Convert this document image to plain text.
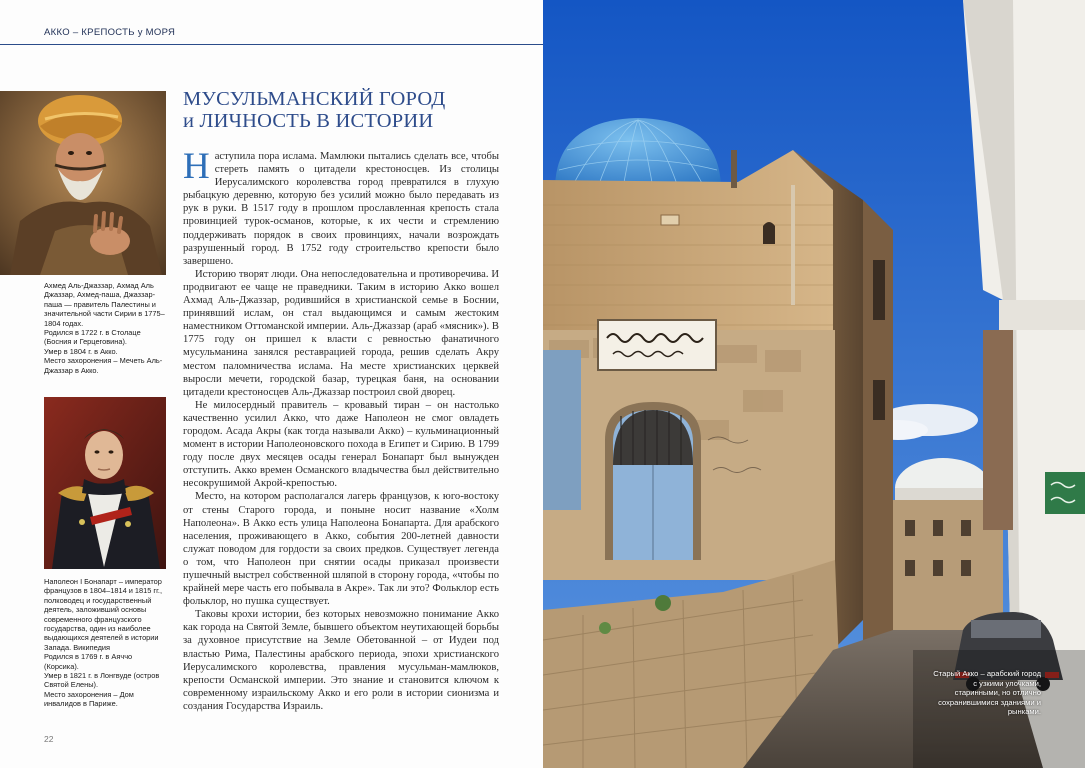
АККО – КРЕПОСТЬ у МОРЯ
Ахмед Аль-Джаззар, Ахмад Аль Джаззар, Ахмед-паша, Джаззар-паша — правитель Палестины и значительной части Сирии в 1775–1804 годах.
Родился в 1722 г. в Столаце (Босния и Герцеговина).
Умер в 1804 г. в Акко.
Место захоронения – Мечеть Аль-Джаззар в Акко.
Наполеон I Бонапарт – император французов в 1804–1814 и 1815 гг., полководец и государственный деятель, заложивший основы современного французского государства, один из наиболее выдающихся деятелей в истории Запада. Википедия
Родился в 1769 г. в Аяччо (Корсика).
Умер в 1821 г. в Лонгвуде (остров Святой Елены).
Место захоронения – Дом инвалидов в Париже.
МУСУЛЬМАНСКИЙ ГОРОД
и ЛИЧНОСТЬ В ИСТОРИИ

Наступила пора ислама. Мамлюки пытались сделать все, чтобы стереть память о цитадели крестоносцев. Из столицы Иерусалимского королевства город превратился в глухую рыбацкую деревню, которую без усилий можно было передавать из рук в руки. В 1517 году в прошлом прославленная крепость стала провинцией турок-османов, которые, к их чести и стремлению поддерживать порядок в своих провинциях, начали возрождать разрушенный город. В 1752 году строительство крепости было завершено.

Историю творят люди. Она непоследовательна и противоречива. И продвигают ее чаще не праведники. Таким в историю Акко вошел Ахмад Аль-Джаззар, родившийся в христианской семье в Боснии, принявший ислам, он стал выдающимся и самым жестоким наместником Оттоманской империи. Аль-Джаззар (араб «мясник»). В 1775 году он пришел к власти с ревностью фанатичного мусульманина занялся реставрацией города, решив сделать Акру местом паломничества ислама. На месте христианских церквей выросли мечети, городской базар, турецкая баня, на основании цитадели крестоносцев Аль-Джаззар построил свой дворец.

Не милосердный правитель – кровавый тиран – он настолько качественно усилил Акко, что даже Наполеон не смог овладеть городом. Асада Акры (как тогда называли Акко) – кульминационный момент в истории Наполеоновского похода в Египет и Сирию. В 1799 году после двух месяцев осады генерал Бонапарт был вынужден отступить. Акко времен Османского владычества был действительно несокрушимой Акрой-крепостью.

Место, на котором располагался лагерь французов, к юго-востоку от стены Старого города, и поныне носит название «Холм Наполеона». В Акко есть улица Наполеона Бонапарта. Для арабского населения, проживающего в Акко, события 200-летней давности служат поводом для гордости за своих предков. Существует легенда о том, что Наполеон при снятии осады приказал произвести пушечный выстрел собственной шляпой в сторону города, «чтобы по крайней мере часть его побывала в Акре». Так ли это? Фольклор есть фольклор, но пушка существует.

Таковы крохи истории, без которых невозможно понимание Акко как города на Святой Земле, бывшего объектом неутихающей борьбы за духовное присутствие на Земле Обетованной – от Иудеи под властью Рима, Палестины арабского периода, эпохи христианского Иерусалимского королевства, правления мусульман-мамлюков, крепости Османской империи. Это знание и становится ключом к современному израильскому Акко и его роли в истории сионизма и создания Государства Израиль.

22
Старый Акко – арабский город с узкими улочками, старинными, но отлично сохранившимися зданиями и рынками.
